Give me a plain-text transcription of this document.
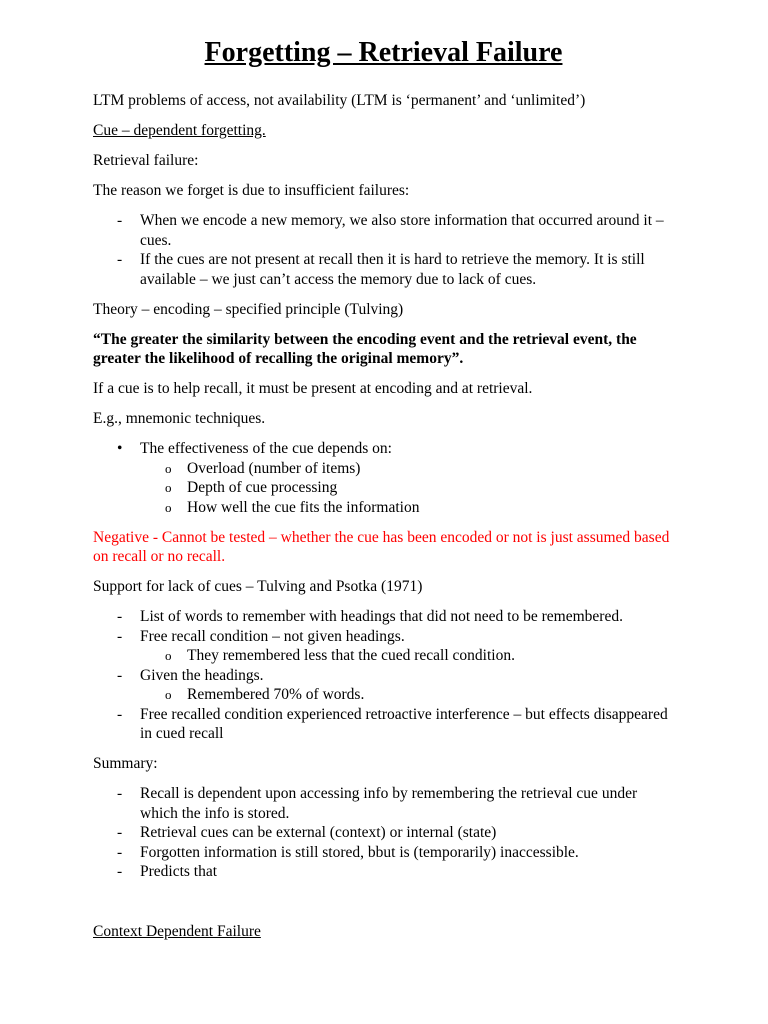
Forgetting – Retrieval Failure

LTM problems of access, not availability (LTM is ‘permanent’ and ‘unlimited’)

Cue – dependent forgetting.

Retrieval failure:

The reason we forget is due to insufficient failures:

-	When we encode a new memory, we also store information that occurred around it – cues.
-	If the cues are not present at recall then it is hard to retrieve the memory. It is still available – we just can’t access the memory due to lack of cues.

Theory – encoding – specified principle (Tulving)

“The greater the similarity between the encoding event and the retrieval event, the greater the likelihood of recalling the original memory”.

If a cue is to help recall, it must be present at encoding and at retrieval.

E.g., mnemonic techniques.

•	The effectiveness of the cue depends on:
o	Overload (number of items)
o	Depth of cue processing
o	How well the cue fits the information

Negative - Cannot be tested – whether the cue has been encoded or not is just assumed based on recall or no recall.

Support for lack of cues – Tulving and Psotka (1971)

-	List of words to remember with headings that did not need to be remembered.
-	Free recall condition – not given headings.
o	They remembered less that the cued recall condition.
-	Given the headings.
o	Remembered 70% of words.
-	Free recalled condition experienced retroactive interference – but effects disappeared in cued recall

Summary:

-	Recall is dependent upon accessing info by remembering the retrieval cue under which the info is stored.
-	Retrieval cues can be external (context) or internal (state)
-	Forgotten information is still stored, bbut is (temporarily) inaccessible.
-	Predicts that

Context Dependent Failure
